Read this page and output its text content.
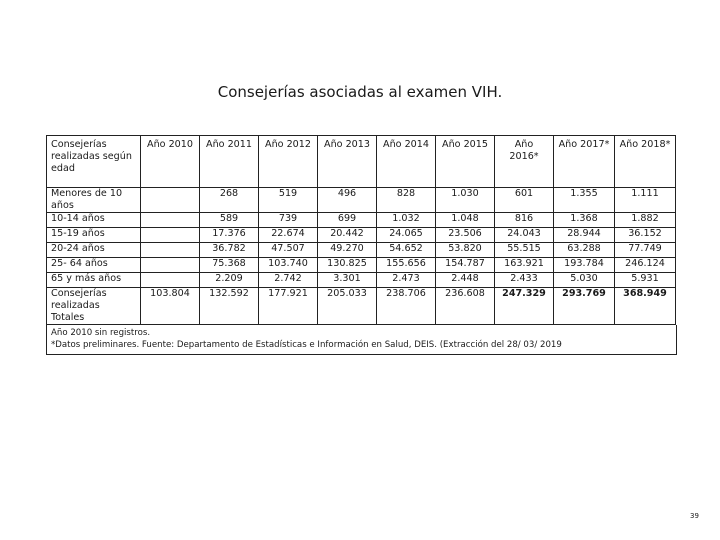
Consejerías asociadas al examen VIH.
Consejerías realizadas según edad	Año 2010	Año 2011	Año 2012	Año 2013	Año 2014	Año 2015	Año 2016*	Año 2017*	Año 2018*
Menores de 10 años		268	519	496	828	1.030	601	1.355	1.111
10-14 años		589	739	699	1.032	1.048	816	1.368	1.882
15-19 años		17.376	22.674	20.442	24.065	23.506	24.043	28.944	36.152
20-24 años		36.782	47.507	49.270	54.652	53.820	55.515	63.288	77.749
25- 64 años		75.368	103.740	130.825	155.656	154.787	163.921	193.784	246.124
65 y más años		2.209	2.742	3.301	2.473	2.448	2.433	5.030	5.931
Consejerías realizadas Totales	103.804	132.592	177.921	205.033	238.706	236.608	247.329	293.769	368.949
Año 2010 sin registros.
*Datos preliminares. Fuente: Departamento de Estadísticas e Información en Salud, DEIS. (Extracción del 28/ 03/ 2019
39
